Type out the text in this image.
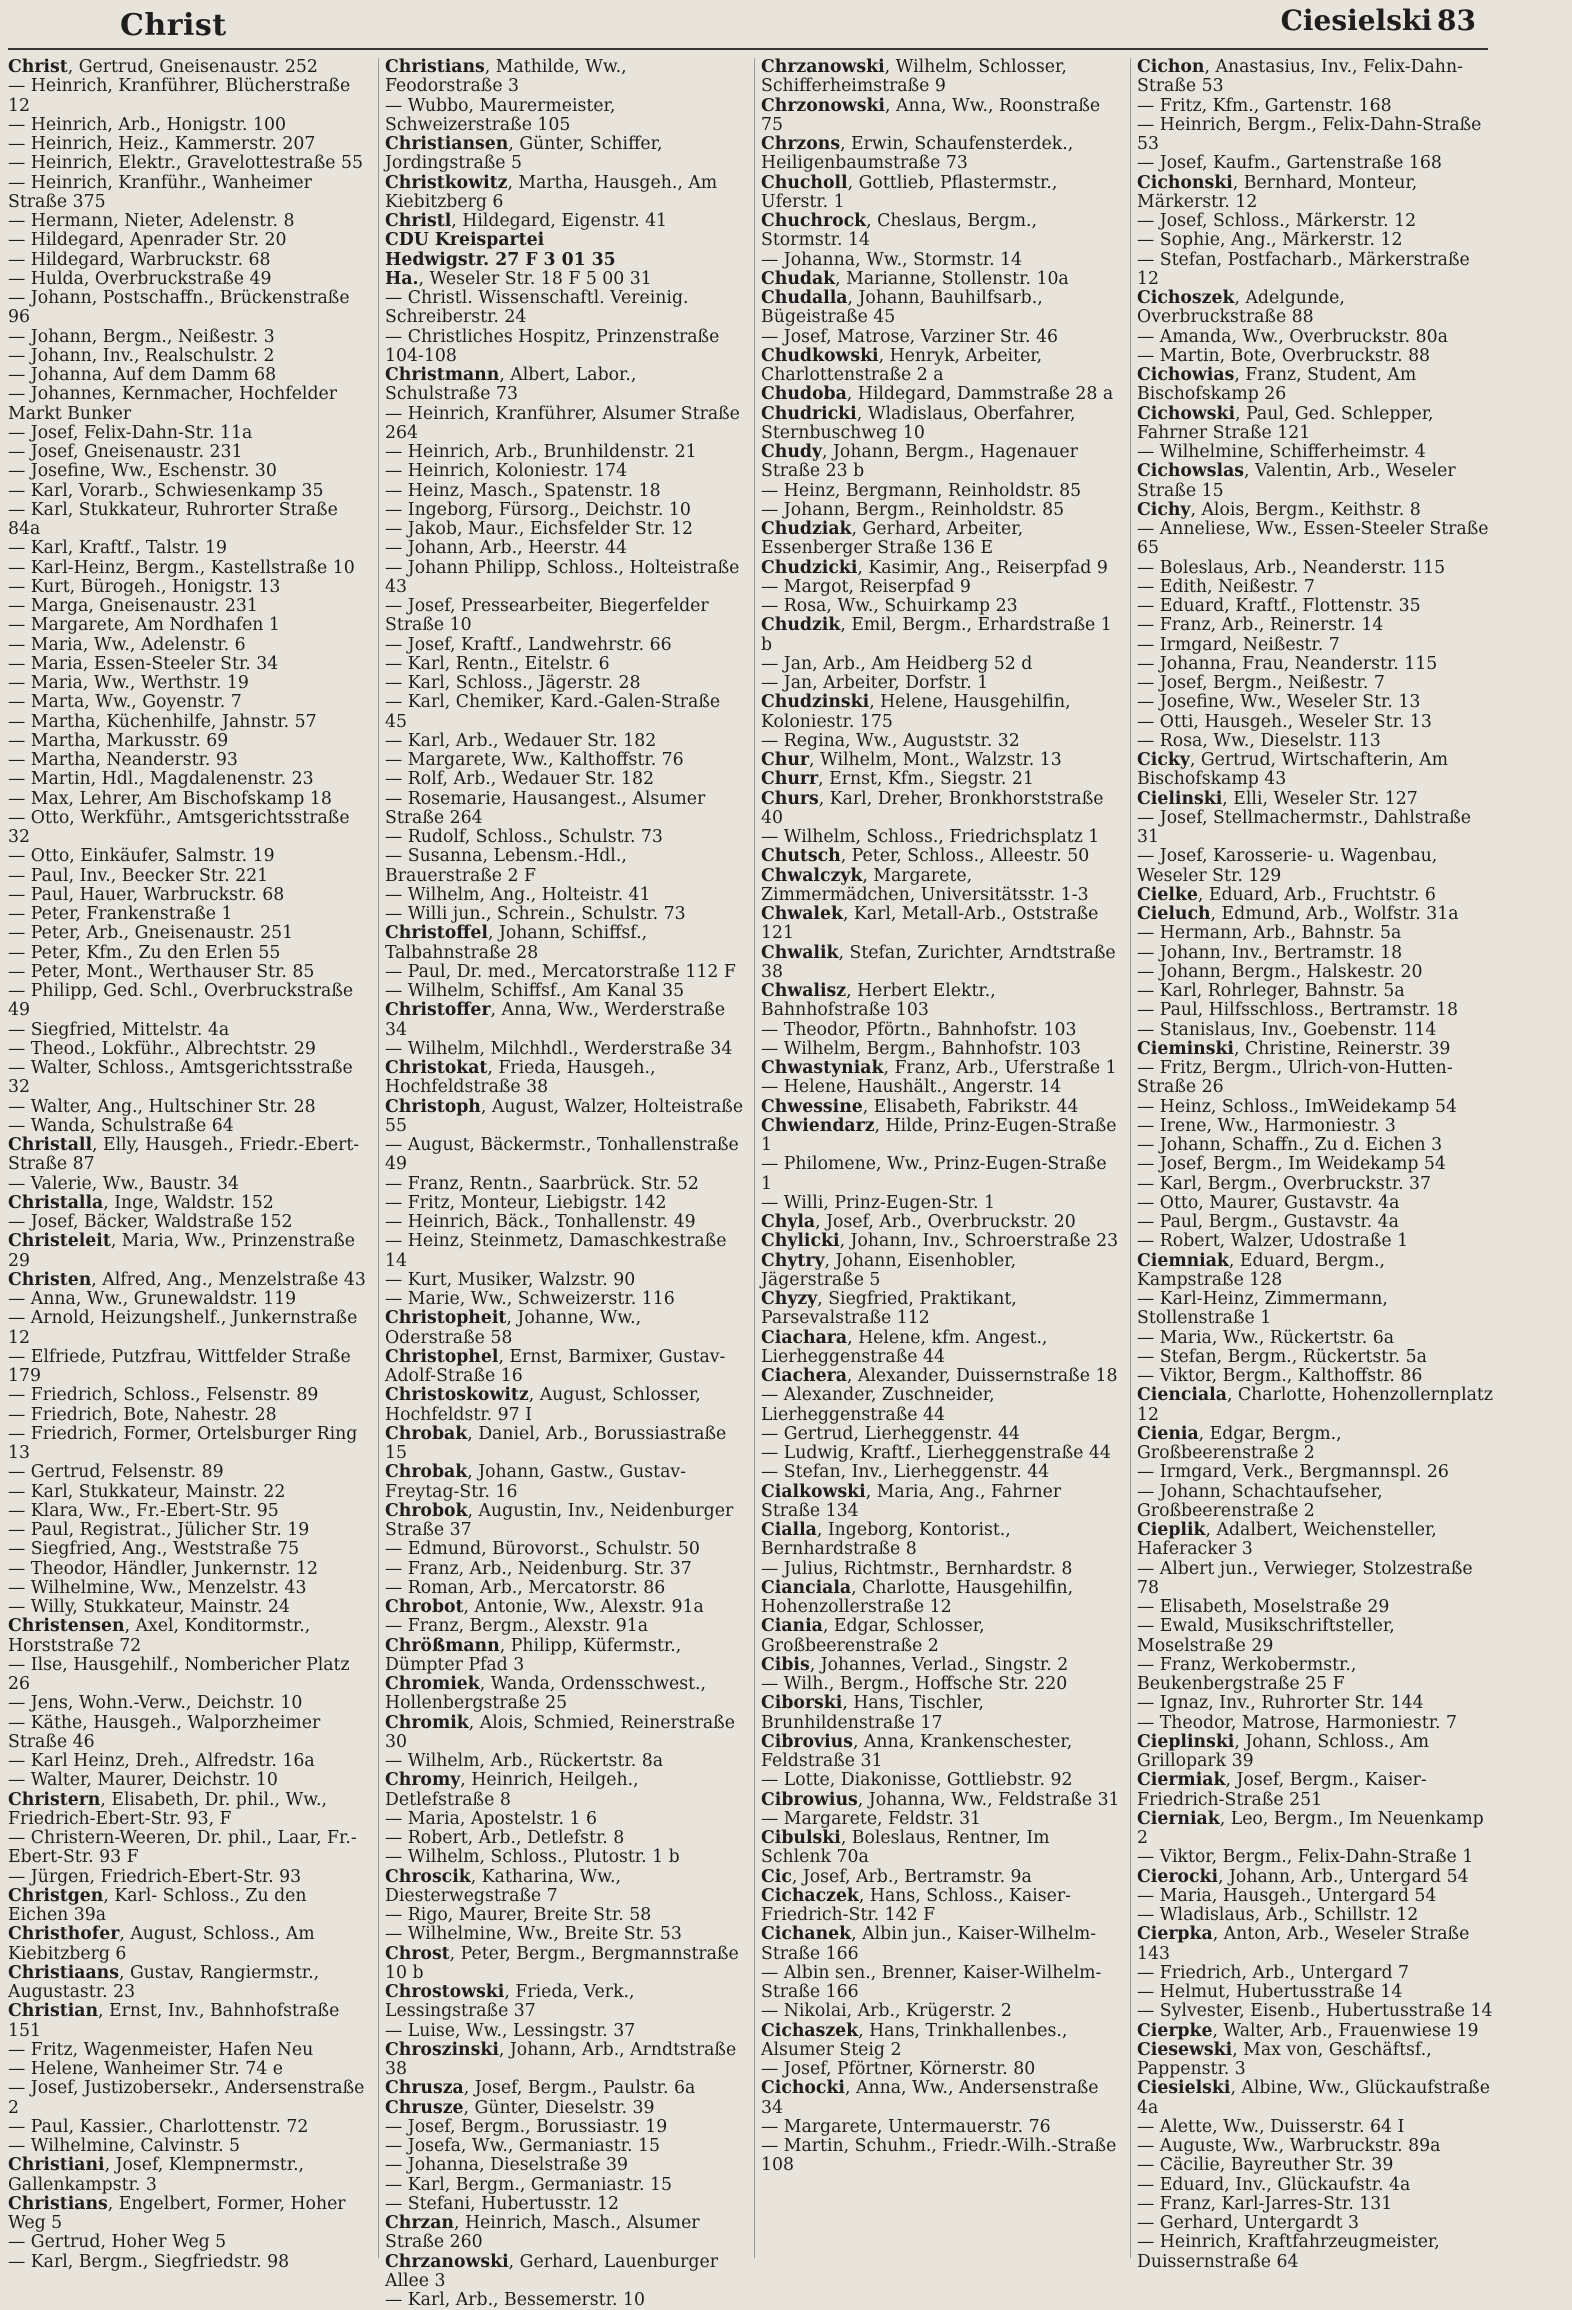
Christ	Ciesielski 83
Christ, Gertrud, Gneisenaustr. 252
— Heinrich, Kranführer, Blücherstraße 12
— Heinrich, Arb., Honigstr. 100
— Heinrich, Heiz., Kammerstr. 207
— Heinrich, Elektr., Gravelottestraße 55
— Heinrich, Kranführ., Wanheimer Straße 375
— Hermann, Nieter, Adelenstr. 8
— Hildegard, Apenrader Str. 20
— Hildegard, Warbruckstr. 68
— Hulda, Overbruckstraße 49
— Johann, Postschaffn., Brückenstraße 96
— Johann, Bergm., Neißestr. 3
— Johann, Inv., Realschulstr. 2
— Johanna, Auf dem Damm 68
— Johannes, Kernmacher, Hochfelder Markt Bunker
— Josef, Felix-Dahn-Str. 11a
— Josef, Gneisenaustr. 231
— Josefine, Ww., Eschenstr. 30
— Karl, Vorarb., Schwiesenkamp 35
— Karl, Stukkateur, Ruhrorter Straße 84a
— Karl, Kraftf., Talstr. 19
— Karl-Heinz, Bergm., Kastellstraße 10
— Kurt, Bürogeh., Honigstr. 13
— Marga, Gneisenaustr. 231
— Margarete, Am Nordhafen 1
— Maria, Ww., Adelenstr. 6
— Maria, Essen-Steeler Str. 34
— Maria, Ww., Werthstr. 19
— Marta, Ww., Goyenstr. 7
— Martha, Küchenhilfe, Jahnstr. 57
— Martha, Markusstr. 69
— Martha, Neanderstr. 93
— Martin, Hdl., Magdalenenstr. 23
— Max, Lehrer, Am Bischofskamp 18
— Otto, Werkführ., Amtsgerichtsstraße 32
— Otto, Einkäufer, Salmstr. 19
— Paul, Inv., Beecker Str. 221
— Paul, Hauer, Warbruckstr. 68
— Peter, Frankenstraße 1
— Peter, Arb., Gneisenaustr. 251
— Peter, Kfm., Zu den Erlen 55
— Peter, Mont., Werthauser Str. 85
— Philipp, Ged. Schl., Overbruckstraße 49
— Siegfried, Mittelstr. 4a
— Theod., Lokführ., Albrechtstr. 29
— Walter, Schloss., Amtsgerichtsstraße 32
— Walter, Ang., Hultschiner Str. 28
— Wanda, Schulstraße 64
Christall, Elly, Hausgeh., Friedr.-Ebert-Straße 87
— Valerie, Ww., Baustr. 34
Christalla, Inge, Waldstr. 152
— Josef, Bäcker, Waldstraße 152
Christeleit, Maria, Ww., Prinzenstraße 29
Christen, Alfred, Ang., Menzelstraße 43
— Anna, Ww., Grunewaldstr. 119
— Arnold, Heizungshelf., Junkernstraße 12
— Elfriede, Putzfrau, Wittfelder Straße 179
— Friedrich, Schloss., Felsenstr. 89
— Friedrich, Bote, Nahestr. 28
— Friedrich, Former, Ortelsburger Ring 13
— Gertrud, Felsenstr. 89
— Karl, Stukkateur, Mainstr. 22
— Klara, Ww., Fr.-Ebert-Str. 95
— Paul, Registrat., Jülicher Str. 19
— Siegfried, Ang., Weststraße 75
— Theodor, Händler, Junkernstr. 12
— Wilhelmine, Ww., Menzelstr. 43
— Willy, Stukkateur, Mainstr. 24
Christensen, Axel, Konditormstr., Horststraße 72
— Ilse, Hausgehilf., Nombericher Platz 26
— Jens, Wohn.-Verw., Deichstr. 10
— Käthe, Hausgeh., Walporzheimer Straße 46
— Karl Heinz, Dreh., Alfredstr. 16a
— Walter, Maurer, Deichstr. 10
Christern, Elisabeth, Dr. phil., Ww., Friedrich-Ebert-Str. 93, F
— Christern-Weeren, Dr. phil., Laar, Fr.-Ebert-Str. 93 F
— Jürgen, Friedrich-Ebert-Str. 93
Christgen, Karl- Schloss., Zu den Eichen 39a
Christhofer, August, Schloss., Am Kiebitzberg 6
Christiaans, Gustav, Rangiermstr., Augustastr. 23
Christian, Ernst, Inv., Bahnhofstraße 151
— Fritz, Wagenmeister, Hafen Neu
— Helene, Wanheimer Str. 74 e
— Josef, Justizobersekr., Andersenstraße 2
— Paul, Kassier., Charlottenstr. 72
— Wilhelmine, Calvinstr. 5
Christiani, Josef, Klempnermstr., Gallenkampstr. 3
Christians, Engelbert, Former, Hoher Weg 5
— Gertrud, Hoher Weg 5
— Karl, Bergm., Siegfriedstr. 98
Christians, Mathilde, Ww., Feodorstraße 3
— Wubbo, Maurermeister, Schweizerstraße 105
Christiansen, Günter, Schiffer, Jordingstraße 5
Christkowitz, Martha, Hausgeh., Am Kiebitzberg 6
Christl, Hildegard, Eigenstr. 41
CDU Kreispartei
Hedwigstr. 27 F 3 01 35
Ha., Weseler Str. 18 F 5 00 31
— Christl. Wissenschaftl. Vereinig. Schreiberstr. 24
— Christliches Hospitz, Prinzenstraße 104-108
Christmann, Albert, Labor., Schulstraße 73
— Heinrich, Kranführer, Alsumer Straße 264
— Heinrich, Arb., Brunhildenstr. 21
— Heinrich, Koloniestr. 174
— Heinz, Masch., Spatenstr. 18
— Ingeborg, Fürsorg., Deichstr. 10
— Jakob, Maur., Eichsfelder Str. 12
— Johann, Arb., Heerstr. 44
— Johann Philipp, Schloss., Holteistraße 43
— Josef, Pressearbeiter, Biegerfelder Straße 10
— Josef, Kraftf., Landwehrstr. 66
— Karl, Rentn., Eitelstr. 6
— Karl, Schloss., Jägerstr. 28
— Karl, Chemiker, Kard.-Galen-Straße 45
— Karl, Arb., Wedauer Str. 182
— Margarete, Ww., Kalthoffstr. 76
— Rolf, Arb., Wedauer Str. 182
— Rosemarie, Hausangest., Alsumer Straße 264
— Rudolf, Schloss., Schulstr. 73
— Susanna, Lebensm.-Hdl., Brauerstraße 2 F
— Wilhelm, Ang., Holteistr. 41
— Willi jun., Schrein., Schulstr. 73
Christoffel, Johann, Schiffsf., Talbahnstraße 28
— Paul, Dr. med., Mercatorstraße 112 F
— Wilhelm, Schiffsf., Am Kanal 35
Christoffer, Anna, Ww., Werderstraße 34
— Wilhelm, Milchhdl., Werderstraße 34
Christokat, Frieda, Hausgeh., Hochfeldstraße 38
Christoph, August, Walzer, Holteistraße 55
— August, Bäckermstr., Tonhallenstraße 49
— Franz, Rentn., Saarbrück. Str. 52
— Fritz, Monteur, Liebigstr. 142
— Heinrich, Bäck., Tonhallenstr. 49
— Heinz, Steinmetz, Damaschkestraße 14
— Kurt, Musiker, Walzstr. 90
— Marie, Ww., Schweizerstr. 116
Christopheit, Johanne, Ww., Oderstraße 58
Christophel, Ernst, Barmixer, Gustav-Adolf-Straße 16
Christoskowitz, August, Schlosser, Hochfeldstr. 97 I
Chrobak, Daniel, Arb., Borussiastraße 15
Chrobak, Johann, Gastw., Gustav-Freytag-Str. 16
Chrobok, Augustin, Inv., Neidenburger Straße 37
— Edmund, Bürovorst., Schulstr. 50
— Franz, Arb., Neidenburg. Str. 37
— Roman, Arb., Mercatorstr. 86
Chrobot, Antonie, Ww., Alexstr. 91a
— Franz, Bergm., Alexstr. 91a
Chrößmann, Philipp, Küfermstr., Dümpter Pfad 3
Chromiek, Wanda, Ordensschwest., Hollenbergstraße 25
Chromik, Alois, Schmied, Reinerstraße 30
— Wilhelm, Arb., Rückertstr. 8a
Chromy, Heinrich, Heilgeh., Detlefstraße 8
— Maria, Apostelstr. 1 6
— Robert, Arb., Detlefstr. 8
— Wilhelm, Schloss., Plutostr. 1 b
Chroscik, Katharina, Ww., Diesterwegstraße 7
— Rigo, Maurer, Breite Str. 58
— Wilhelmine, Ww., Breite Str. 53
Chrost, Peter, Bergm., Bergmannstraße 10 b
Chrostowski, Frieda, Verk., Lessingstraße 37
— Luise, Ww., Lessingstr. 37
Chroszinski, Johann, Arb., Arndtstraße 38
Chrusza, Josef, Bergm., Paulstr. 6a
Chrusze, Günter, Dieselstr. 39
— Josef, Bergm., Borussiastr. 19
— Josefa, Ww., Germaniastr. 15
— Johanna, Dieselstraße 39
— Karl, Bergm., Germaniastr. 15
— Stefani, Hubertusstr. 12
Chrzan, Heinrich, Masch., Alsumer Straße 260
Chrzanowski, Gerhard, Lauenburger Allee 3
— Karl, Arb., Bessemerstr. 10
Chrzanowski, Wilhelm, Schlosser, Schifferheimstraße 9
Chrzonowski, Anna, Ww., Roonstraße 75
Chrzons, Erwin, Schaufensterdek., Heiligenbaumstraße 73
Chucholl, Gottlieb, Pflastermstr., Uferstr. 1
Chuchrock, Cheslaus, Bergm., Stormstr. 14
— Johanna, Ww., Stormstr. 14
Chudak, Marianne, Stollenstr. 10a
Chudalla, Johann, Bauhilfsarb., Bügeistraße 45
— Josef, Matrose, Varziner Str. 46
Chudkowski, Henryk, Arbeiter, Charlottenstraße 2 a
Chudoba, Hildegard, Dammstraße 28 a
Chudricki, Wladislaus, Oberfahrer, Sternbuschweg 10
Chudy, Johann, Bergm., Hagenauer Straße 23 b
— Heinz, Bergmann, Reinholdstr. 85
— Johann, Bergm., Reinholdstr. 85
Chudziak, Gerhard, Arbeiter, Essenberger Straße 136 E
Chudzicki, Kasimir, Ang., Reiserpfad 9
— Margot, Reiserpfad 9
— Rosa, Ww., Schuirkamp 23
Chudzik, Emil, Bergm., Erhardstraße 1 b
— Jan, Arb., Am Heidberg 52 d
— Jan, Arbeiter, Dorfstr. 1
Chudzinski, Helene, Hausgehilfin, Koloniestr. 175
— Regina, Ww., Auguststr. 32
Chur, Wilhelm, Mont., Walzstr. 13
Churr, Ernst, Kfm., Siegstr. 21
Churs, Karl, Dreher, Bronkhorststraße 40
— Wilhelm, Schloss., Friedrichsplatz 1
Chutsch, Peter, Schloss., Alleestr. 50
Chwalczyk, Margarete, Zimmermädchen, Universitätsstr. 1-3
Chwalek, Karl, Metall-Arb., Oststraße 121
Chwalik, Stefan, Zurichter, Arndtstraße 38
Chwalisz, Herbert Elektr., Bahnhofstraße 103
— Theodor, Pförtn., Bahnhofstr. 103
— Wilhelm, Bergm., Bahnhofstr. 103
Chwastyniak, Franz, Arb., Uferstraße 1
— Helene, Haushält., Angerstr. 14
Chwessine, Elisabeth, Fabrikstr. 44
Chwiendarz, Hilde, Prinz-Eugen-Straße 1
— Philomene, Ww., Prinz-Eugen-Straße 1
— Willi, Prinz-Eugen-Str. 1
Chyla, Josef, Arb., Overbruckstr. 20
Chylicki, Johann, Inv., Schroerstraße 23
Chytry, Johann, Eisenhobler, Jägerstraße 5
Chyzy, Siegfried, Praktikant, Parsevalstraße 112
Ciachara, Helene, kfm. Angest., Lierheggenstraße 44
Ciachera, Alexander, Duissernstraße 18
— Alexander, Zuschneider, Lierheggenstraße 44
— Gertrud, Lierheggenstr. 44
— Ludwig, Kraftf., Lierheggenstraße 44
— Stefan, Inv., Lierheggenstr. 44
Cialkowski, Maria, Ang., Fahrner Straße 134
Cialla, Ingeborg, Kontorist., Bernhardstraße 8
— Julius, Richtmstr., Bernhardstr. 8
Cianciala, Charlotte, Hausgehilfin, Hohenzollerstraße 12
Ciania, Edgar, Schlosser, Großbeerenstraße 2
Cibis, Johannes, Verlad., Singstr. 2
— Wilh., Bergm., Hoffsche Str. 220
Ciborski, Hans, Tischler, Brunhildenstraße 17
Cibrovius, Anna, Krankenschester, Feldstraße 31
— Lotte, Diakonisse, Gottliebstr. 92
Cibrowius, Johanna, Ww., Feldstraße 31
— Margarete, Feldstr. 31
Cibulski, Boleslaus, Rentner, Im Schlenk 70a
Cic, Josef, Arb., Bertramstr. 9a
Cichaczek, Hans, Schloss., Kaiser-Friedrich-Str. 142 F
Cichanek, Albin jun., Kaiser-Wilhelm-Straße 166
— Albin sen., Brenner, Kaiser-Wilhelm-Straße 166
— Nikolai, Arb., Krügerstr. 2
Cichaszek, Hans, Trinkhallenbes., Alsumer Steig 2
— Josef, Pförtner, Körnerstr. 80
Cichocki, Anna, Ww., Andersenstraße 34
— Margarete, Untermauerstr. 76
— Martin, Schuhm., Friedr.-Wilh.-Straße 108
Cichon, Anastasius, Inv., Felix-Dahn-Straße 53
— Fritz, Kfm., Gartenstr. 168
— Heinrich, Bergm., Felix-Dahn-Straße 53
— Josef, Kaufm., Gartenstraße 168
Cichonski, Bernhard, Monteur, Märkerstr. 12
— Josef, Schloss., Märkerstr. 12
— Sophie, Ang., Märkerstr. 12
— Stefan, Postfacharb., Märkerstraße 12
Cichoszek, Adelgunde, Overbruckstraße 88
— Amanda, Ww., Overbruckstr. 80a
— Martin, Bote, Overbruckstr. 88
Cichowias, Franz, Student, Am Bischofskamp 26
Cichowski, Paul, Ged. Schlepper, Fahrner Straße 121
— Wilhelmine, Schifferheimstr. 4
Cichowslas, Valentin, Arb., Weseler Straße 15
Cichy, Alois, Bergm., Keithstr. 8
— Anneliese, Ww., Essen-Steeler Straße 65
— Boleslaus, Arb., Neanderstr. 115
— Edith, Neißestr. 7
— Eduard, Kraftf., Flottenstr. 35
— Franz, Arb., Reinerstr. 14
— Irmgard, Neißestr. 7
— Johanna, Frau, Neanderstr. 115
— Josef, Bergm., Neißestr. 7
— Josefine, Ww., Weseler Str. 13
— Otti, Hausgeh., Weseler Str. 13
— Rosa, Ww., Dieselstr. 113
Cicky, Gertrud, Wirtschafterin, Am Bischofskamp 43
Cielinski, Elli, Weseler Str. 127
— Josef, Stellmachermstr., Dahlstraße 31
— Josef, Karosserie- u. Wagenbau, Weseler Str. 129
Cielke, Eduard, Arb., Fruchtstr. 6
Cieluch, Edmund, Arb., Wolfstr. 31a
— Hermann, Arb., Bahnstr. 5a
— Johann, Inv., Bertramstr. 18
— Johann, Bergm., Halskestr. 20
— Karl, Rohrleger, Bahnstr. 5a
— Paul, Hilfsschloss., Bertramstr. 18
— Stanislaus, Inv., Goebenstr. 114
Cieminski, Christine, Reinerstr. 39
— Fritz, Bergm., Ulrich-von-Hutten-Straße 26
— Heinz, Schloss., ImWeidekamp 54
— Irene, Ww., Harmoniestr. 3
— Johann, Schaffn., Zu d. Eichen 3
— Josef, Bergm., Im Weidekamp 54
— Karl, Bergm., Overbruckstr. 37
— Otto, Maurer, Gustavstr. 4a
— Paul, Bergm., Gustavstr. 4a
— Robert, Walzer, Udostraße 1
Ciemniak, Eduard, Bergm., Kampstraße 128
— Karl-Heinz, Zimmermann, Stollenstraße 1
— Maria, Ww., Rückertstr. 6a
— Stefan, Bergm., Rückertstr. 5a
— Viktor, Bergm., Kalthoffstr. 86
Cienciala, Charlotte, Hohenzollernplatz 12
Cienia, Edgar, Bergm., Großbeerenstraße 2
— Irmgard, Verk., Bergmannspl. 26
— Johann, Schachtaufseher, Großbeerenstraße 2
Cieplik, Adalbert, Weichensteller, Haferacker 3
— Albert jun., Verwieger, Stolzestraße 78
— Elisabeth, Moselstraße 29
— Ewald, Musikschriftsteller, Moselstraße 29
— Franz, Werkobermstr., Beukenbergstraße 25 F
— Ignaz, Inv., Ruhrorter Str. 144
— Theodor, Matrose, Harmoniestr. 7
Cieplinski, Johann, Schloss., Am Grillopark 39
Ciermiak, Josef, Bergm., Kaiser-Friedrich-Straße 251
Cierniak, Leo, Bergm., Im Neuenkamp 2
— Viktor, Bergm., Felix-Dahn-Straße 1
Cierocki, Johann, Arb., Untergard 54
— Maria, Hausgeh., Untergard 54
— Wladislaus, Arb., Schillstr. 12
Cierpka, Anton, Arb., Weseler Straße 143
— Friedrich, Arb., Untergard 7
— Helmut, Hubertusstraße 14
— Sylvester, Eisenb., Hubertusstraße 14
Cierpke, Walter, Arb., Frauenwiese 19
Ciesewski, Max von, Geschäftsf., Pappenstr. 3
Ciesielski, Albine, Ww., Glückaufstraße 4a
— Alette, Ww., Duisserstr. 64 I
— Auguste, Ww., Warbruckstr. 89a
— Cäcilie, Bayreuther Str. 39
— Eduard, Inv., Glückaufstr. 4a
— Franz, Karl-Jarres-Str. 131
— Gerhard, Untergardt 3
— Heinrich, Kraftfahrzeugmeister, Duissernstraße 64
